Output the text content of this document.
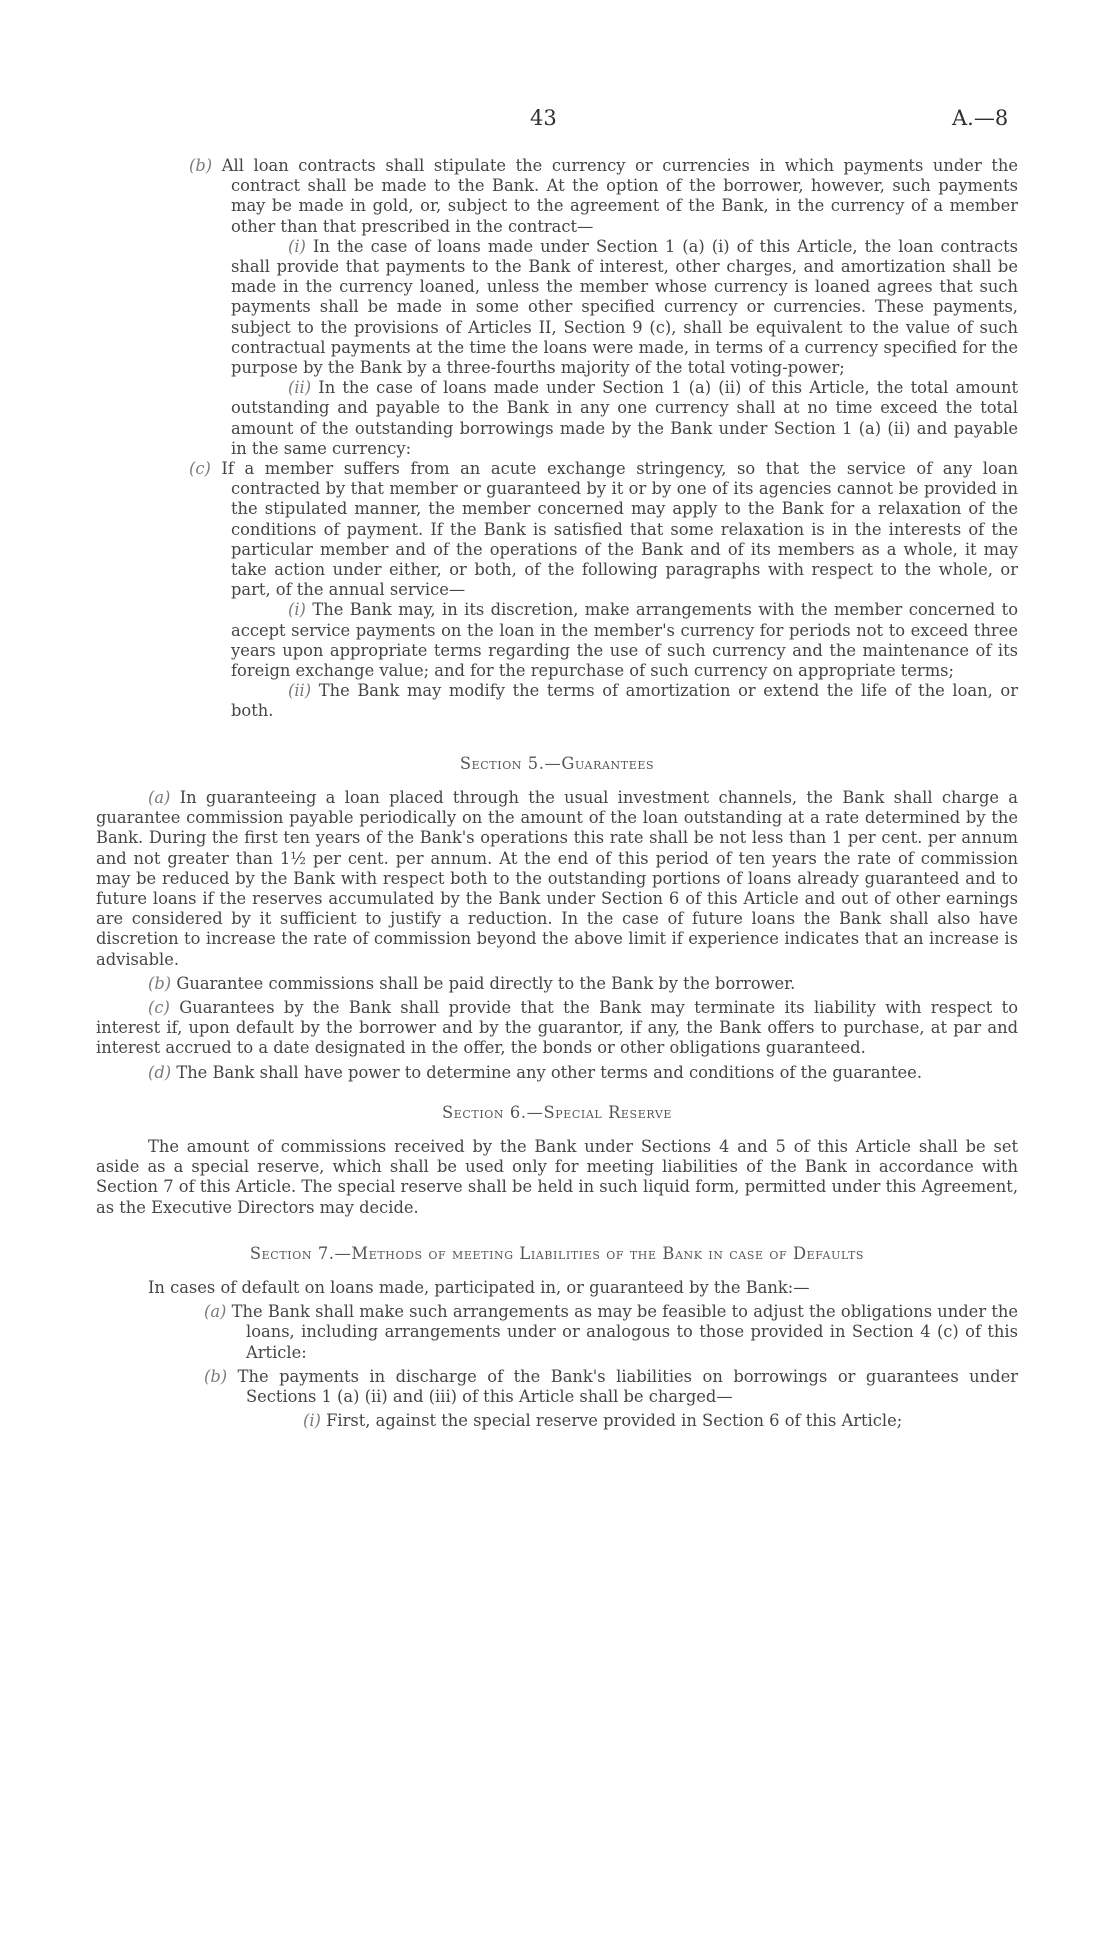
43	A.—8

(b) All loan contracts shall stipulate the currency or currencies in which payments under the contract shall be made to the Bank. At the option of the borrower, however, such payments may be made in gold, or, subject to the agreement of the Bank, in the currency of a member other than that prescribed in the contract—

(i) In the case of loans made under Section 1 (a) (i) of this Article, the loan contracts shall provide that payments to the Bank of interest, other charges, and amortization shall be made in the currency loaned, unless the member whose currency is loaned agrees that such payments shall be made in some other specified currency or currencies. These payments, subject to the provisions of Articles II, Section 9 (c), shall be equivalent to the value of such contractual payments at the time the loans were made, in terms of a currency specified for the purpose by the Bank by a three-fourths majority of the total voting-power;

(ii) In the case of loans made under Section 1 (a) (ii) of this Article, the total amount outstanding and payable to the Bank in any one currency shall at no time exceed the total amount of the outstanding borrowings made by the Bank under Section 1 (a) (ii) and payable in the same currency:

(c) If a member suffers from an acute exchange stringency, so that the service of any loan contracted by that member or guaranteed by it or by one of its agencies cannot be provided in the stipulated manner, the member concerned may apply to the Bank for a relaxation of the conditions of payment. If the Bank is satisfied that some relaxation is in the interests of the particular member and of the operations of the Bank and of its members as a whole, it may take action under either, or both, of the following paragraphs with respect to the whole, or part, of the annual service—

(i) The Bank may, in its discretion, make arrangements with the member concerned to accept service payments on the loan in the member's currency for periods not to exceed three years upon appropriate terms regarding the use of such currency and the maintenance of its foreign exchange value; and for the repurchase of such currency on appropriate terms;

(ii) The Bank may modify the terms of amortization or extend the life of the loan, or both.

Section 5.—Guarantees

(a) In guaranteeing a loan placed through the usual investment channels, the Bank shall charge a guarantee commission payable periodically on the amount of the loan outstanding at a rate determined by the Bank. During the first ten years of the Bank's operations this rate shall be not less than 1 per cent. per annum and not greater than 1½ per cent. per annum. At the end of this period of ten years the rate of commission may be reduced by the Bank with respect both to the outstanding portions of loans already guaranteed and to future loans if the reserves accumulated by the Bank under Section 6 of this Article and out of other earnings are considered by it sufficient to justify a reduction. In the case of future loans the Bank shall also have discretion to increase the rate of commission beyond the above limit if experience indicates that an increase is advisable.

(b) Guarantee commissions shall be paid directly to the Bank by the borrower.

(c) Guarantees by the Bank shall provide that the Bank may terminate its liability with respect to interest if, upon default by the borrower and by the guarantor, if any, the Bank offers to purchase, at par and interest accrued to a date designated in the offer, the bonds or other obligations guaranteed.

(d) The Bank shall have power to determine any other terms and conditions of the guarantee.

Section 6.—Special Reserve

The amount of commissions received by the Bank under Sections 4 and 5 of this Article shall be set aside as a special reserve, which shall be used only for meeting liabilities of the Bank in accordance with Section 7 of this Article. The special reserve shall be held in such liquid form, permitted under this Agreement, as the Executive Directors may decide.

Section 7.—Methods of meeting Liabilities of the Bank in case of Defaults

In cases of default on loans made, participated in, or guaranteed by the Bank:—

(a) The Bank shall make such arrangements as may be feasible to adjust the obligations under the loans, including arrangements under or analogous to those provided in Section 4 (c) of this Article:

(b) The payments in discharge of the Bank's liabilities on borrowings or guarantees under Sections 1 (a) (ii) and (iii) of this Article shall be charged—

(i) First, against the special reserve provided in Section 6 of this Article;
